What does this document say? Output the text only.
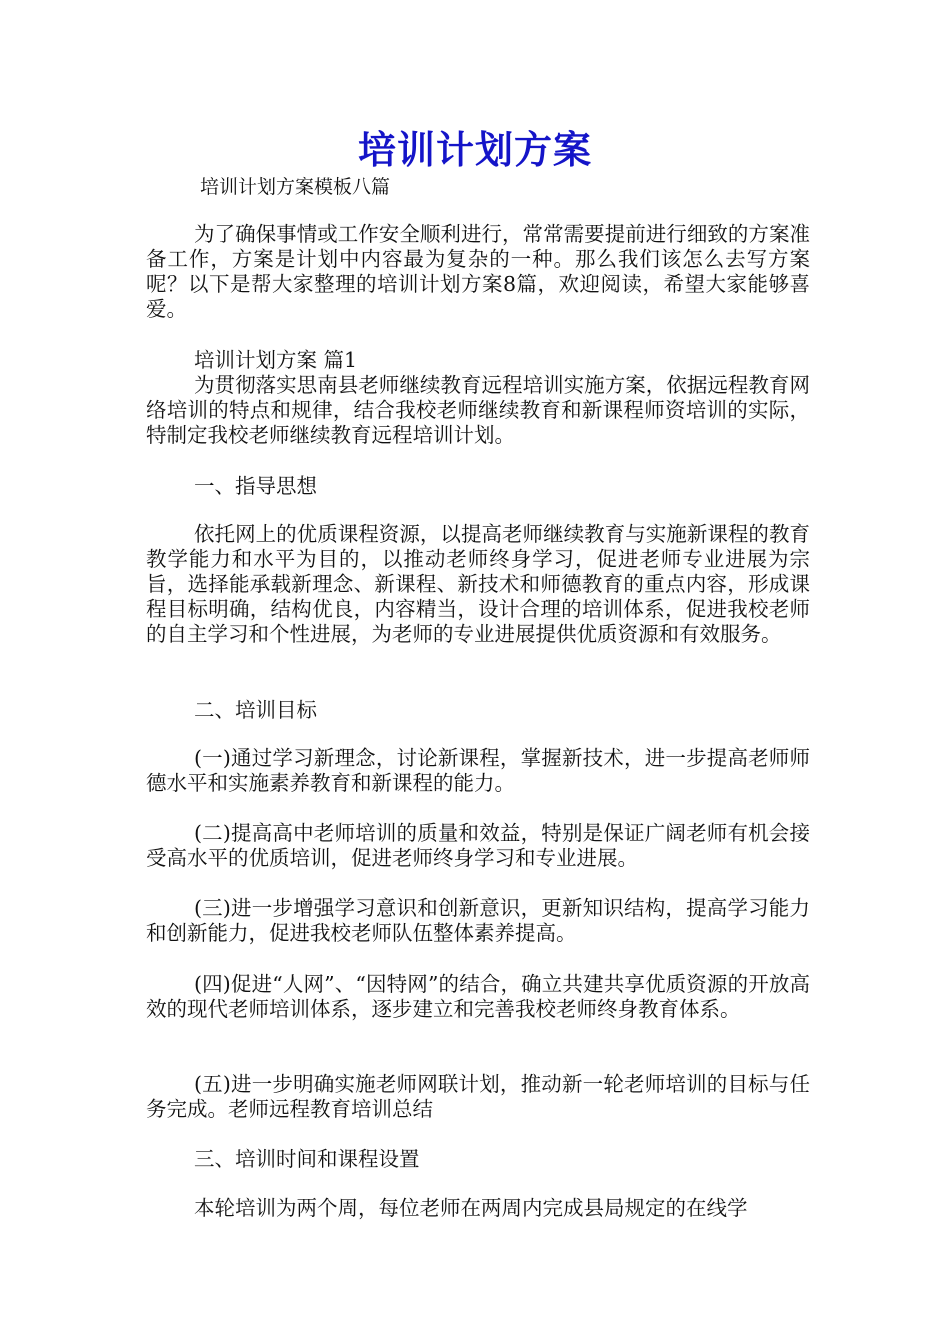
培训计划方案
培训计划方案模板八篇

为了确保事情或工作安全顺利进行，常常需要提前进行细致的方案准备工作，方案是计划中内容最为复杂的一种。那么我们该怎么去写方案呢？以下是帮大家整理的培训计划方案8篇，欢迎阅读，希望大家能够喜爱。

培训计划方案 篇1

为贯彻落实思南县老师继续教育远程培训实施方案，依据远程教育网络培训的特点和规律，结合我校老师继续教育和新课程师资培训的实际，特制定我校老师继续教育远程培训计划。

一、指导思想

依托网上的优质课程资源，以提高老师继续教育与实施新课程的教育教学能力和水平为目的，以推动老师终身学习，促进老师专业进展为宗旨，选择能承载新理念、新课程、新技术和师德教育的重点内容，形成课程目标明确，结构优良，内容精当，设计合理的培训体系，促进我校老师的自主学习和个性进展，为老师的专业进展提供优质资源和有效服务。

二、培训目标

(一)通过学习新理念，讨论新课程，掌握新技术，进一步提高老师师德水平和实施素养教育和新课程的能力。

(二)提高高中老师培训的质量和效益，特别是保证广阔老师有机会接受高水平的优质培训，促进老师终身学习和专业进展。

(三)进一步增强学习意识和创新意识，更新知识结构，提高学习能力和创新能力，促进我校老师队伍整体素养提高。

(四)促进“人网”、“因特网”的结合，确立共建共享优质资源的开放高效的现代老师培训体系，逐步建立和完善我校老师终身教育体系。

(五)进一步明确实施老师网联计划，推动新一轮老师培训的目标与任务完成。老师远程教育培训总结

三、培训时间和课程设置

本轮培训为两个周，每位老师在两周内完成县局规定的在线学
